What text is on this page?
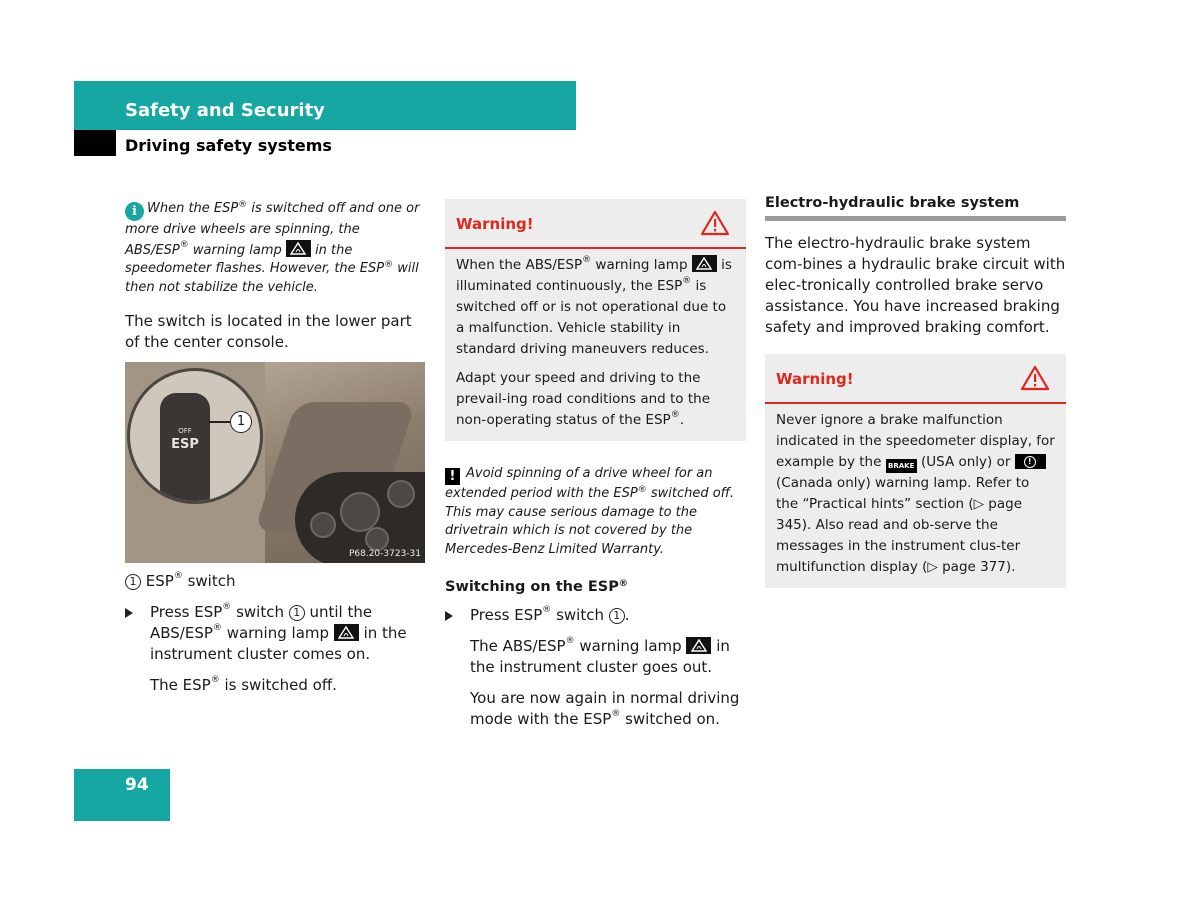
Safety and Security
Driving safety systems
i When the ESP® is switched off and one or more drive wheels are spinning, the ABS/ESP® warning lamp
in the speedometer flashes. However, the ESP® will then not stabilize the vehicle.
The switch is located in the lower part of the center console.
OFF
ESP
1
P68.20-3723-31
1 ESP® switch
Press ESP® switch 1 until the ABS/ESP® warning lamp
in the instrument cluster comes on.
The ESP® is switched off.
Warning!
When the ABS/ESP® warning lamp
is illuminated continuously, the ESP® is switched off or is not operational due to a malfunction. Vehicle stability in standard driving maneuvers reduces.
Adapt your speed and driving to the prevail-ing road conditions and to the non-operating status of the ESP®.
! Avoid spinning of a drive wheel for an extended period with the ESP® switched off. This may cause serious damage to the drivetrain which is not covered by the Mercedes-Benz Limited Warranty.
Switching on the ESP®
Press ESP® switch 1 .
The ABS/ESP® warning lamp
in the instrument cluster goes out.
You are now again in normal driving mode with the ESP® switched on.
Electro-hydraulic brake system
The electro-hydraulic brake system com-bines a hydraulic brake circuit with elec-tronically controlled brake servo assistance. You have increased braking safety and improved braking comfort.
Warning!
Never ignore a brake malfunction indicated in the speedometer display, for example by the BRAKE (USA only) or	!
(Canada only) warning lamp. Refer to the “Practical hints” section (▷ page 345). Also read and ob-serve the messages in the instrument clus-ter multifunction display (▷ page 377).
94
